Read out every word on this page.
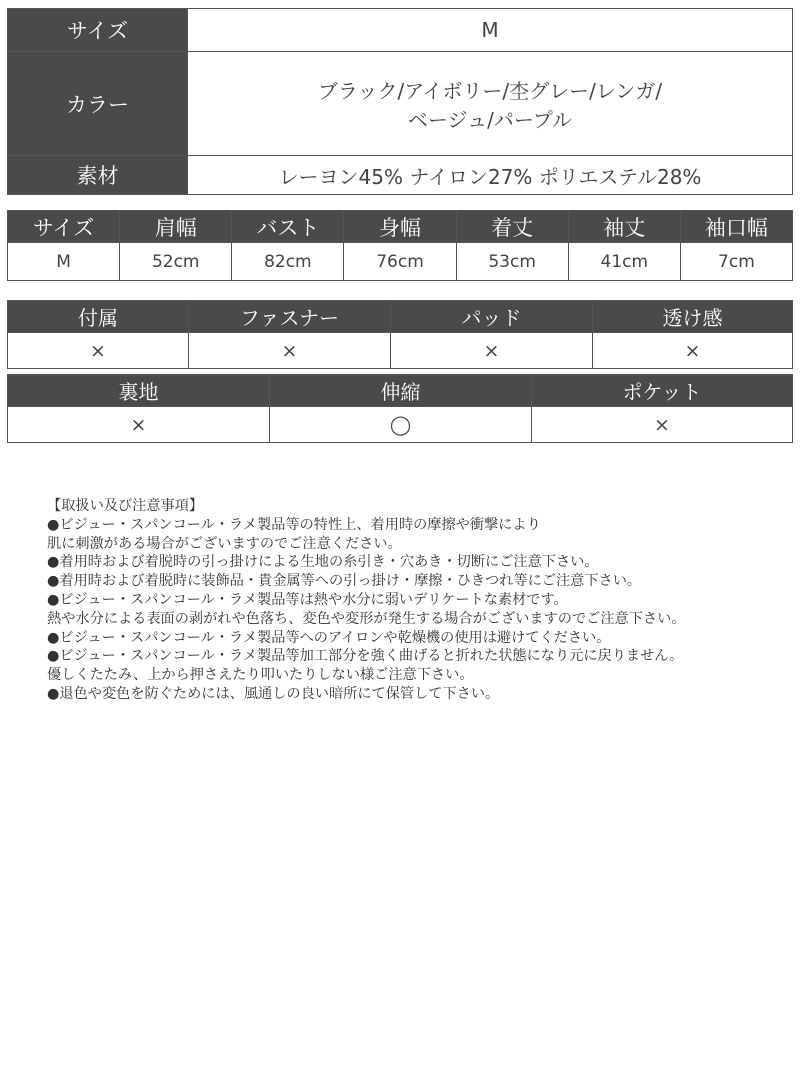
サイズ	M
カラー	ブラック/アイボリー/杢グレー/レンガ/
ベージュ/パープル

素材	レーヨン45% ナイロン27% ポリエステル28%
サイズ	肩幅	バスト	身幅	着丈	袖丈	袖口幅
M	52cm	82cm	76cm	53cm	41cm	7cm
付属	ファスナー	パッド	透け感
×	×	×	×
裏地	伸縮	ポケット
×	◯	×
【取扱い及び注意事項】
●ビジュー・スパンコール・ラメ製品等の特性上、着用時の摩擦や衝撃により
肌に刺激がある場合がございますのでご注意ください。
●着用時および着脱時の引っ掛けによる生地の糸引き・穴あき・切断にご注意下さい。
●着用時および着脱時に装飾品・貴金属等への引っ掛け・摩擦・ひきつれ等にご注意下さい。
●ビジュー・スパンコール・ラメ製品等は熱や水分に弱いデリケートな素材です。
熱や水分による表面の剥がれや色落ち、変色や変形が発生する場合がございますのでご注意下さい。
●ビジュー・スパンコール・ラメ製品等へのアイロンや乾燥機の使用は避けてください。
●ビジュー・スパンコール・ラメ製品等加工部分を強く曲げると折れた状態になり元に戻りません。
優しくたたみ、上から押さえたり叩いたりしない様ご注意下さい。
●退色や変色を防ぐためには、風通しの良い暗所にて保管して下さい。
